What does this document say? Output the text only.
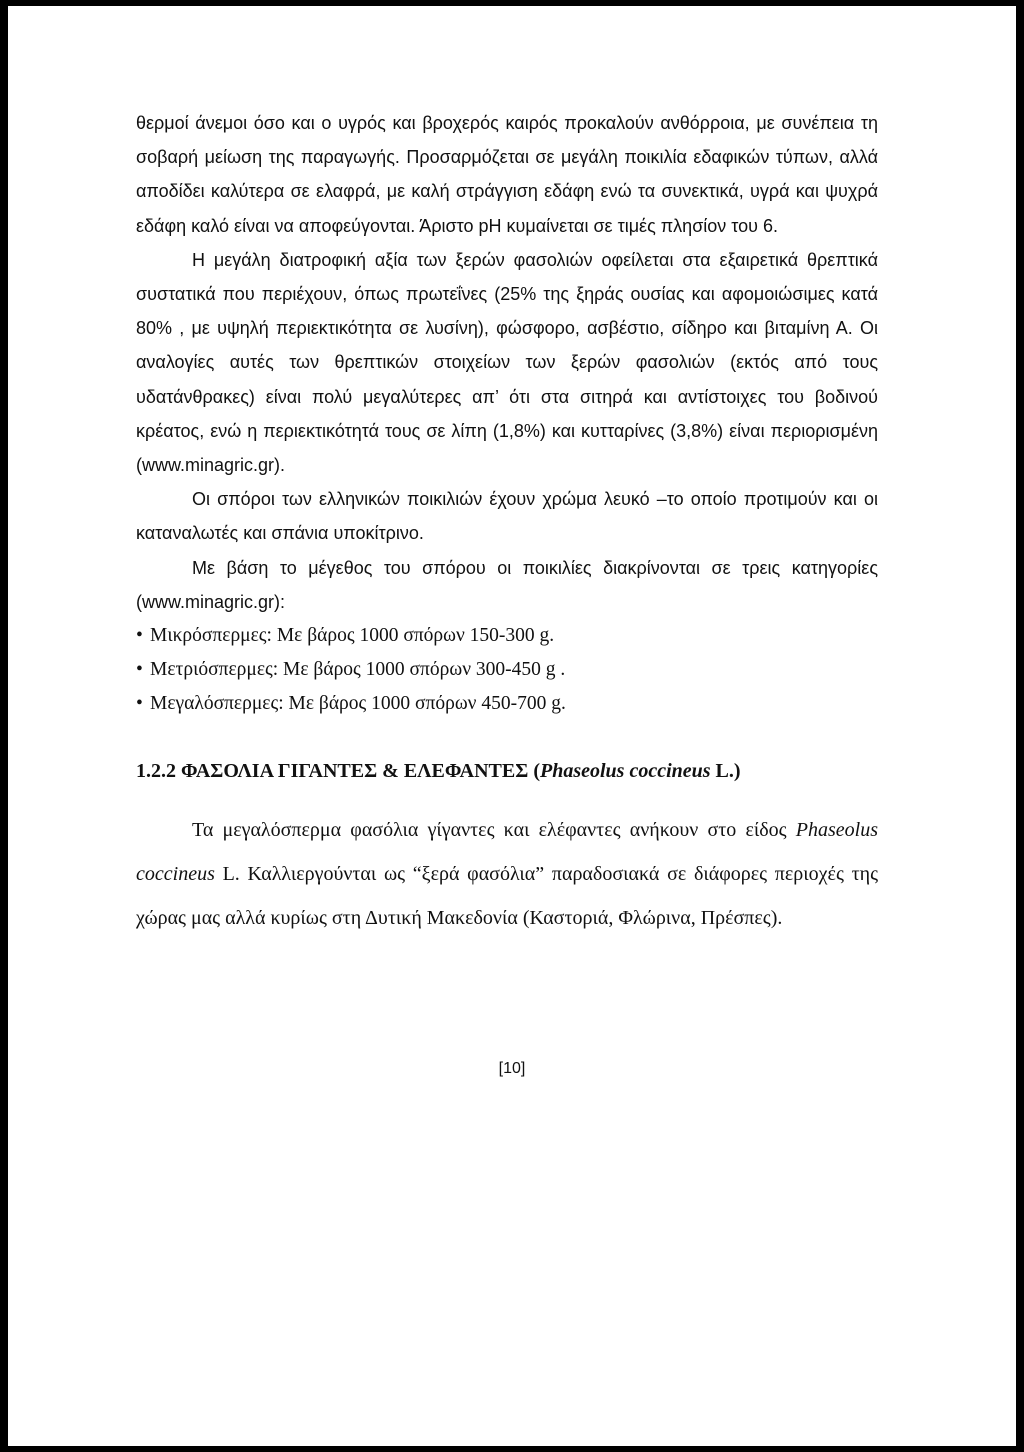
θερμοί άνεμοι όσο και ο υγρός και βροχερός καιρός προκαλούν ανθόρροια, με συνέπεια τη σοβαρή μείωση της παραγωγής. Προσαρμόζεται σε μεγάλη ποικιλία εδαφικών τύπων, αλλά αποδίδει καλύτερα σε ελαφρά, με καλή στράγγιση εδάφη ενώ τα συνεκτικά, υγρά και ψυχρά εδάφη καλό είναι να αποφεύγονται. Άριστο pH κυμαίνεται σε τιμές πλησίον του 6.

Η μεγάλη διατροφική αξία των ξερών φασολιών οφείλεται στα εξαιρετικά θρεπτικά συστατικά που περιέχουν, όπως πρωτεΐνες (25% της ξηράς ουσίας και αφομοιώσιμες κατά 80% , με υψηλή περιεκτικότητα σε λυσίνη), φώσφορο, ασβέστιο, σίδηρο και βιταμίνη Α. Οι αναλογίες αυτές των θρεπτικών στοιχείων των ξερών φασολιών (εκτός από τους υδατάνθρακες) είναι πολύ μεγαλύτερες απ’ ότι στα σιτηρά και αντίστοιχες του βοδινού κρέατος, ενώ η περιεκτικότητά τους σε λίπη (1,8%) και κυτταρίνες (3,8%) είναι περιορισμένη (www.minagric.gr).

Οι σπόροι των ελληνικών ποικιλιών έχουν χρώμα λευκό –το οποίο προτιμούν και οι καταναλωτές και σπάνια υποκίτρινο.

Με βάση το μέγεθος του σπόρου οι ποικιλίες διακρίνονται σε τρεις κατηγορίες (www.minagric.gr):

• Μικρόσπερμες: Με βάρος 1000 σπόρων 150-300 g.
• Μετριόσπερμες: Με βάρος 1000 σπόρων 300-450 g .
• Μεγαλόσπερμες: Με βάρος 1000 σπόρων 450-700 g.
1.2.2 ΦΑΣΟΛΙΑ ΓΙΓΑΝΤΕΣ & ΕΛΕΦΑΝΤΕΣ (Phaseolus coccineus L.)

Τα μεγαλόσπερμα φασόλια γίγαντες και ελέφαντες ανήκουν στο είδος Phaseolus coccineus L. Καλλιεργούνται ως “ξερά φασόλια” παραδοσιακά σε διάφορες περιοχές της χώρας μας αλλά κυρίως στη Δυτική Μακεδονία (Καστοριά, Φλώρινα, Πρέσπες).

[10]
